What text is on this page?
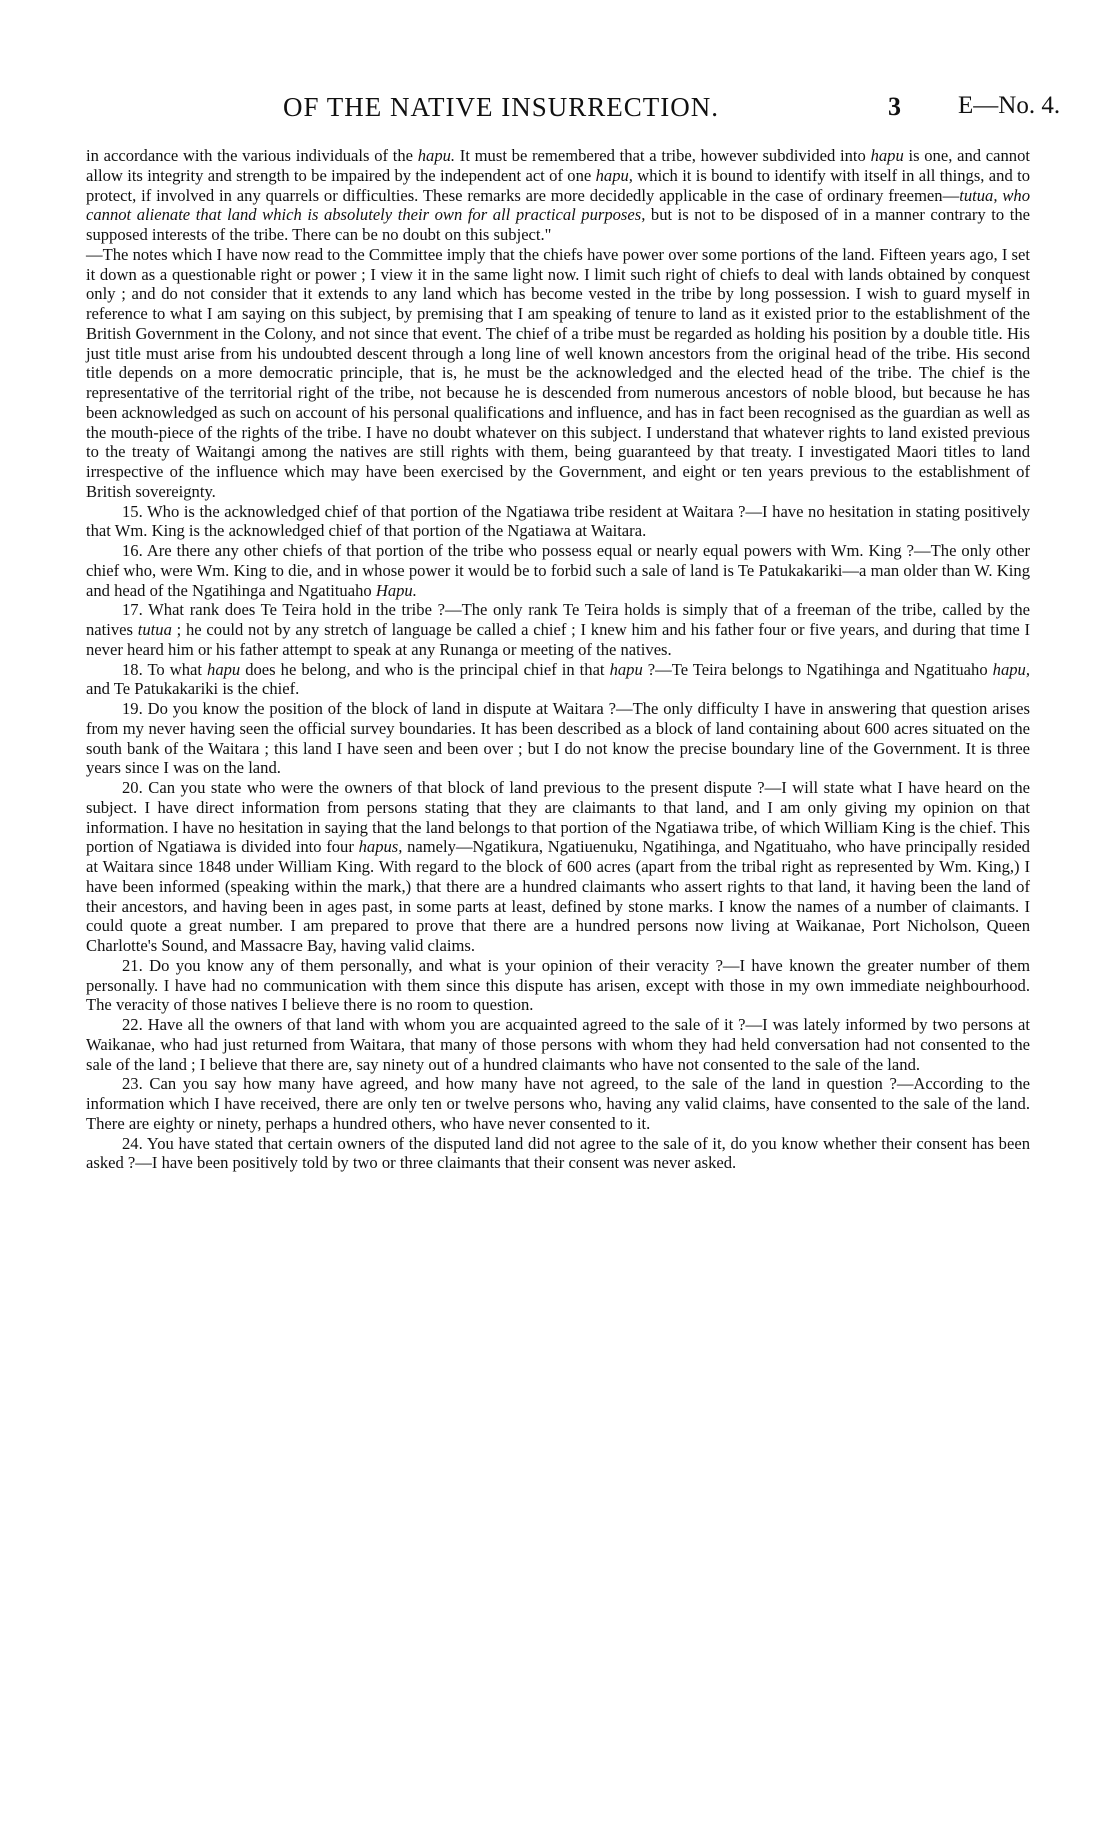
OF THE NATIVE INSURRECTION.	3 E—No. 4.

in accordance with the various individuals of the hapu. It must be remembered that a tribe, however subdivided into hapu is one, and cannot allow its integrity and strength to be impaired by the independent act of one hapu, which it is bound to identify with itself in all things, and to protect, if involved in any quarrels or difficulties. These remarks are more decidedly applicable in the case of ordinary freemen—tutua, who cannot alienate that land which is absolutely their own for all practical purposes, but is not to be disposed of in a manner contrary to the supposed interests of the tribe. There can be no doubt on this subject."

—The notes which I have now read to the Committee imply that the chiefs have power over some portions of the land. Fifteen years ago, I set it down as a questionable right or power ; I view it in the same light now. I limit such right of chiefs to deal with lands obtained by conquest only ; and do not consider that it extends to any land which has become vested in the tribe by long possession. I wish to guard myself in reference to what I am saying on this subject, by premising that I am speaking of tenure to land as it existed prior to the establishment of the British Government in the Colony, and not since that event. The chief of a tribe must be regarded as holding his position by a double title. His just title must arise from his undoubted descent through a long line of well known ancestors from the original head of the tribe. His second title depends on a more democratic principle, that is, he must be the acknowledged and the elected head of the tribe. The chief is the representative of the territorial right of the tribe, not because he is descended from numerous ancestors of noble blood, but because he has been acknowledged as such on account of his personal qualifications and influence, and has in fact been recognised as the guardian as well as the mouth-piece of the rights of the tribe. I have no doubt whatever on this subject. I understand that whatever rights to land existed previous to the treaty of Waitangi among the natives are still rights with them, being guaranteed by that treaty. I investigated Maori titles to land irrespective of the influence which may have been exercised by the Government, and eight or ten years previous to the establishment of British sovereignty.

15. Who is the acknowledged chief of that portion of the Ngatiawa tribe resident at Waitara ?—I have no hesitation in stating positively that Wm. King is the acknowledged chief of that portion of the Ngatiawa at Waitara.

16. Are there any other chiefs of that portion of the tribe who possess equal or nearly equal powers with Wm. King ?—The only other chief who, were Wm. King to die, and in whose power it would be to forbid such a sale of land is Te Patukakariki—a man older than W. King and head of the Ngatihinga and Ngatituaho Hapu.

17. What rank does Te Teira hold in the tribe ?—The only rank Te Teira holds is simply that of a freeman of the tribe, called by the natives tutua ; he could not by any stretch of language be called a chief ; I knew him and his father four or five years, and during that time I never heard him or his father attempt to speak at any Runanga or meeting of the natives.

18. To what hapu does he belong, and who is the principal chief in that hapu ?—Te Teira belongs to Ngatihinga and Ngatituaho hapu, and Te Patukakariki is the chief.

19. Do you know the position of the block of land in dispute at Waitara ?—The only difficulty I have in answering that question arises from my never having seen the official survey boundaries. It has been described as a block of land containing about 600 acres situated on the south bank of the Waitara ; this land I have seen and been over ; but I do not know the precise boundary line of the Government. It is three years since I was on the land.

20. Can you state who were the owners of that block of land previous to the present dispute ?—I will state what I have heard on the subject. I have direct information from persons stating that they are claimants to that land, and I am only giving my opinion on that information. I have no hesitation in saying that the land belongs to that portion of the Ngatiawa tribe, of which William King is the chief. This portion of Ngatiawa is divided into four hapus, namely—Ngatikura, Ngatiuenuku, Ngatihinga, and Ngatituaho, who have principally resided at Waitara since 1848 under William King. With regard to the block of 600 acres (apart from the tribal right as represented by Wm. King,) I have been informed (speaking within the mark,) that there are a hundred claimants who assert rights to that land, it having been the land of their ancestors, and having been in ages past, in some parts at least, defined by stone marks. I know the names of a number of claimants. I could quote a great number. I am prepared to prove that there are a hundred persons now living at Waikanae, Port Nicholson, Queen Charlotte's Sound, and Massacre Bay, having valid claims.

21. Do you know any of them personally, and what is your opinion of their veracity ?—I have known the greater number of them personally. I have had no communication with them since this dispute has arisen, except with those in my own immediate neighbourhood. The veracity of those natives I believe there is no room to question.

22. Have all the owners of that land with whom you are acquainted agreed to the sale of it ?—I was lately informed by two persons at Waikanae, who had just returned from Waitara, that many of those persons with whom they had held conversation had not consented to the sale of the land ; I believe that there are, say ninety out of a hundred claimants who have not consented to the sale of the land.

23. Can you say how many have agreed, and how many have not agreed, to the sale of the land in question ?—According to the information which I have received, there are only ten or twelve persons who, having any valid claims, have consented to the sale of the land. There are eighty or ninety, perhaps a hundred others, who have never consented to it.

24. You have stated that certain owners of the disputed land did not agree to the sale of it, do you know whether their consent has been asked ?—I have been positively told by two or three claimants that their consent was never asked.
